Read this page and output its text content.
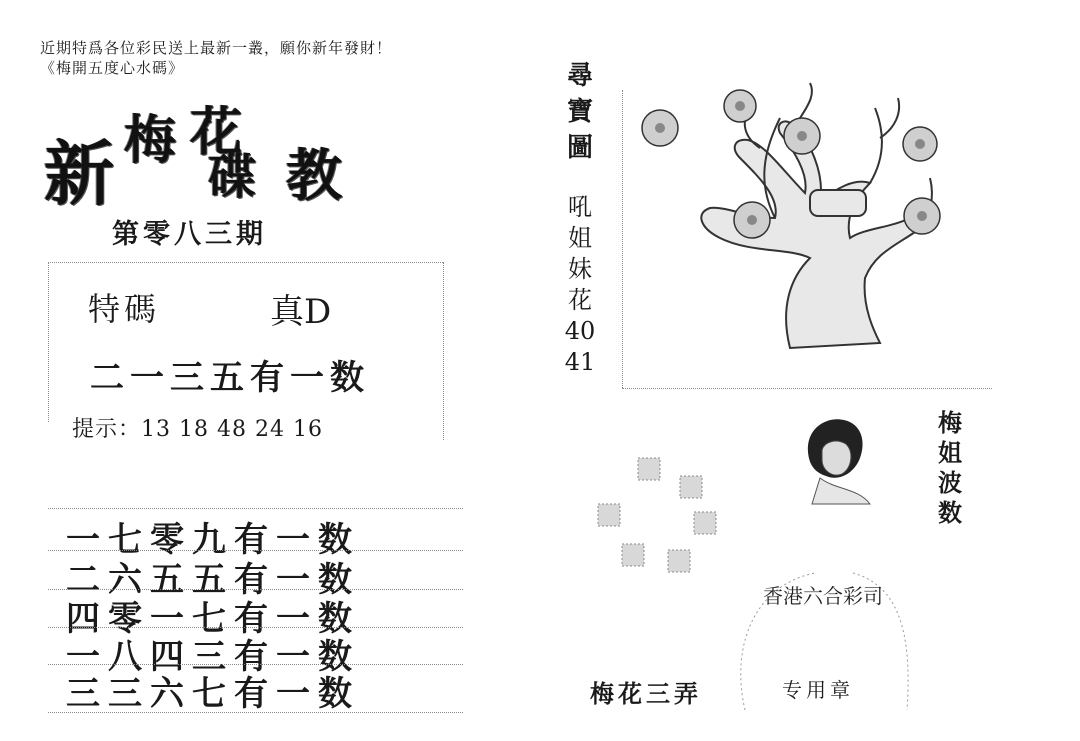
近期特爲各位彩民送上最新一叢，願你新年發財！
《梅開五度心水碼》
新 梅 花
碟 教
第零八三期
特碼	真D
二一三五有一数
提示：13 18 48 24 16
一七零九有一数
二六五五有一数
四零一七有一数
一八四三有一数
三三六七有一数
尋
寶
圖
吼
姐
妹
花
40
41
梅
姐
波
数
香港六合彩司
梅花三弄	专用章
